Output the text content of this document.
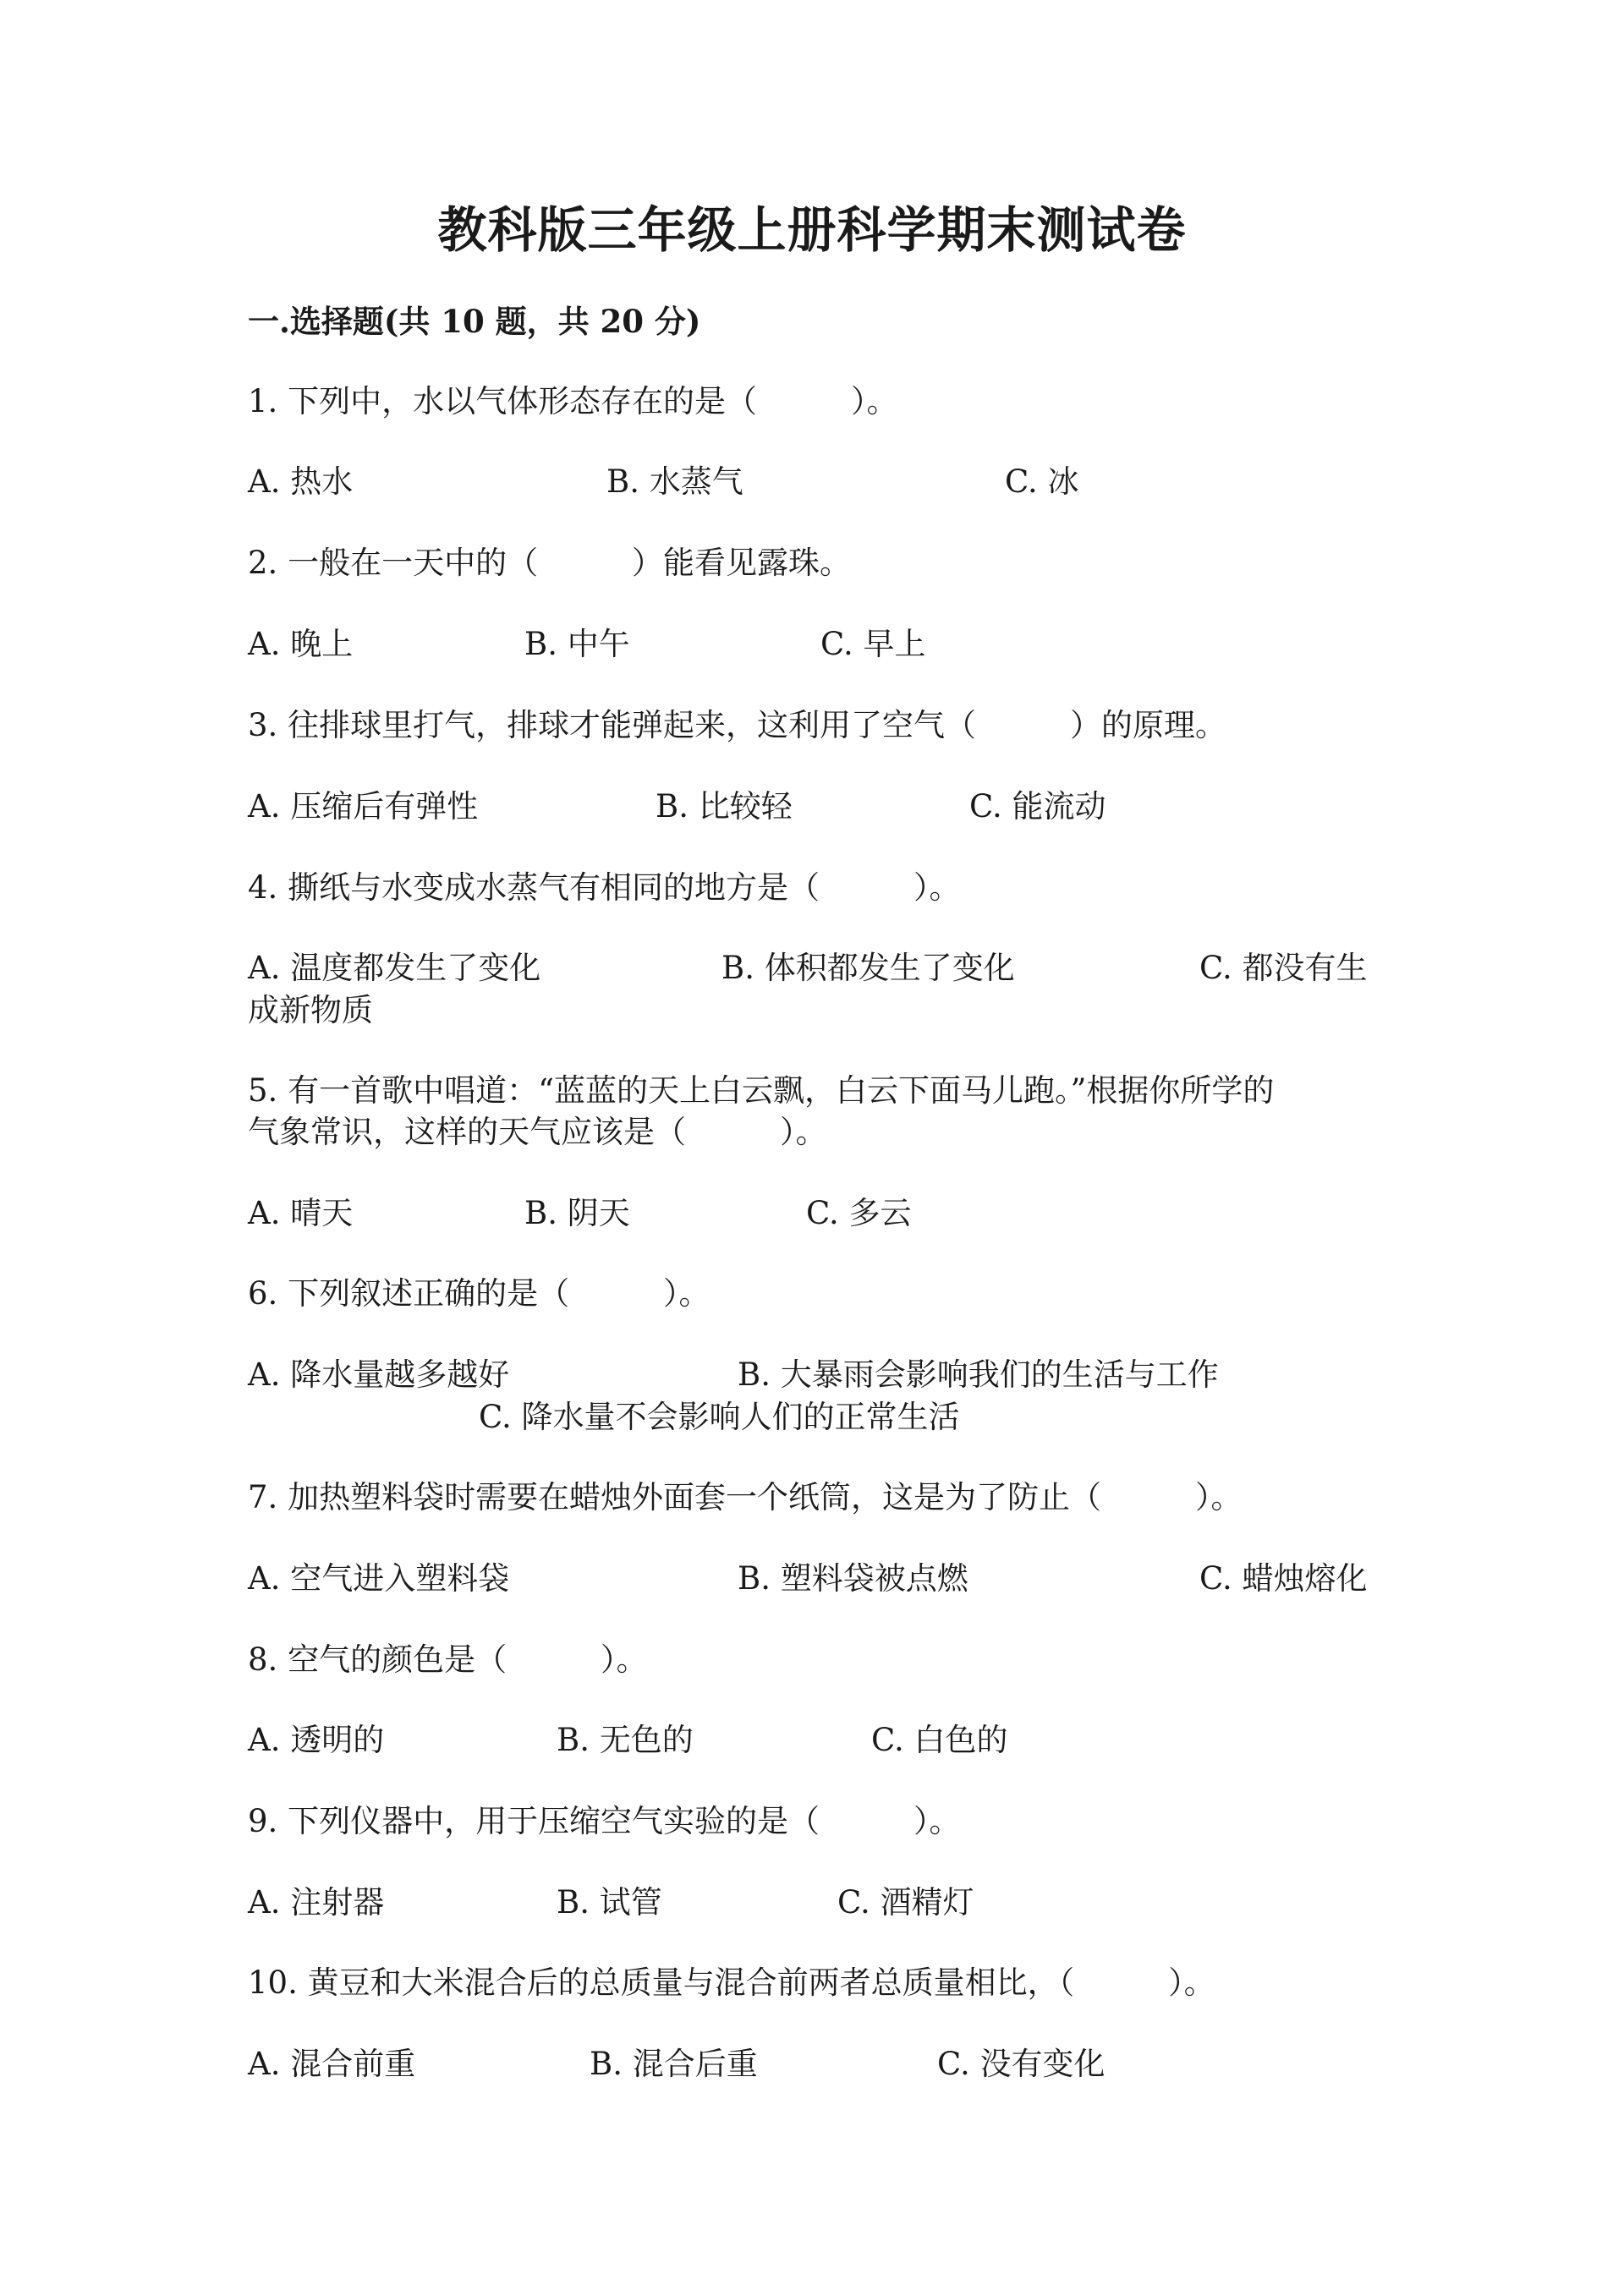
教科版三年级上册科学期末测试卷
一.选择题(共 10 题，共 20 分)
1. 下列中，水以气体形态存在的是（　　　）。
A. 热水	B. 水蒸气	C. 冰
2. 一般在一天中的（　　　）能看见露珠。
A. 晚上	B. 中午	C. 早上
3. 往排球里打气，排球才能弹起来，这利用了空气（　　　）的原理。
A. 压缩后有弹性	B. 比较轻	C. 能流动
4. 撕纸与水变成水蒸气有相同的地方是（　　　）。
A. 温度都发生了变化	B. 体积都发生了变化	C. 都没有生
成新物质
5. 有一首歌中唱道：“蓝蓝的天上白云飘，白云下面马儿跑。”根据你所学的
气象常识，这样的天气应该是（　　　）。
A. 晴天	B. 阴天	C. 多云
6. 下列叙述正确的是（　　　）。
A. 降水量越多越好	B. 大暴雨会影响我们的生活与工作
C. 降水量不会影响人们的正常生活
7. 加热塑料袋时需要在蜡烛外面套一个纸筒，这是为了防止（　　　）。
A. 空气进入塑料袋	B. 塑料袋被点燃	C. 蜡烛熔化
8. 空气的颜色是（　　　）。
A. 透明的	B. 无色的	C. 白色的
9. 下列仪器中，用于压缩空气实验的是（　　　）。
A. 注射器	B. 试管	C. 酒精灯
10. 黄豆和大米混合后的总质量与混合前两者总质量相比，（　　　）。
A. 混合前重	B. 混合后重	C. 没有变化
